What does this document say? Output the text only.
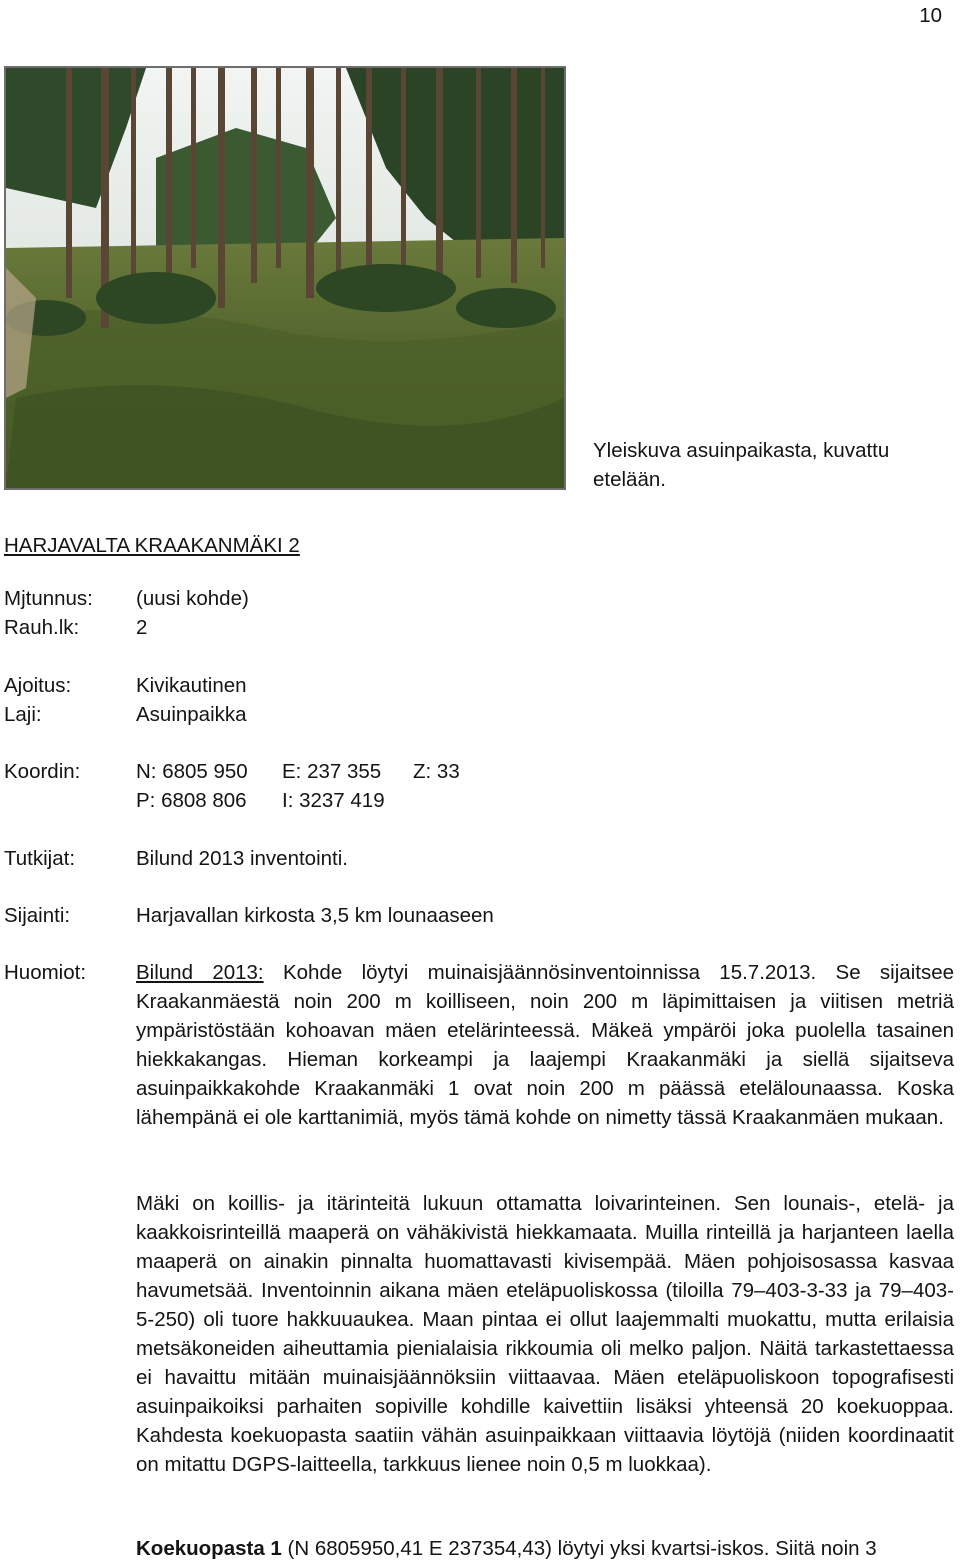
10
Yleiskuva asuinpaikasta, kuvattu etelään.
HARJAVALTA KRAAKANMÄKI 2
Mjtunnus: (uusi kohde)
Rauh.lk:	2
Ajoitus:	Kivikautinen
Laji:	Asuinpaikka
Koordin:	N: 6805 950 E: 237 355 Z: 33
P: 6808 806 I: 3237 419
Tutkijat:	Bilund 2013 inventointi.
Sijainti:	Harjavallan kirkosta 3,5 km lounaaseen
Huomiot:	Bilund 2013: Kohde löytyi muinaisjäännösinventoinnissa 15.7.2013. Se sijaitsee Kraakanmäestä noin 200 m koilliseen, noin 200 m läpimittaisen ja viitisen metriä ympäristöstään kohoavan mäen etelärinteessä. Mäkeä ympäröi joka puolella tasainen hiekkakangas. Hieman korkeampi ja laajempi Kraakanmäki ja siellä sijaitseva asuinpaikkakohde Kraakanmäki 1 ovat noin 200 m päässä etelälounaassa. Koska lähempänä ei ole karttanimiä, myös tämä kohde on nimetty tässä Kraakanmäen mukaan.
Mäki on koillis- ja itärinteitä lukuun ottamatta loivarinteinen. Sen lounais-, etelä- ja kaakkoisrinteillä maaperä on vähäkivistä hiekkamaata. Muilla rinteillä ja harjanteen laella maaperä on ainakin pinnalta huomattavasti kivisempää. Mäen pohjoisosassa kasvaa havumetsää. Inventoinnin aikana mäen eteläpuoliskossa (tiloilla 79–403-3-33 ja 79–403-5-250) oli tuore hakkuuaukea. Maan pintaa ei ollut laajemmalti muokattu, mutta erilaisia metsäkoneiden aiheuttamia pienialaisia rikkoumia oli melko paljon. Näitä tarkastettaessa ei havaittu mitään muinaisjäännöksiin viittaavaa. Mäen eteläpuoliskoon topografisesti asuinpaikoiksi parhaiten sopiville kohdille kaivettiin lisäksi yhteensä 20 koekuoppaa. Kahdesta koekuopasta saatiin vähän asuinpaikkaan viittaavia löytöjä (niiden koordinaatit on mitattu DGPS-laitteella, tarkkuus lienee noin 0,5 m luokkaa).
Koekuopasta 1 (N 6805950,41 E 237354,43) löytyi yksi kvartsi-iskos. Siitä noin 3
